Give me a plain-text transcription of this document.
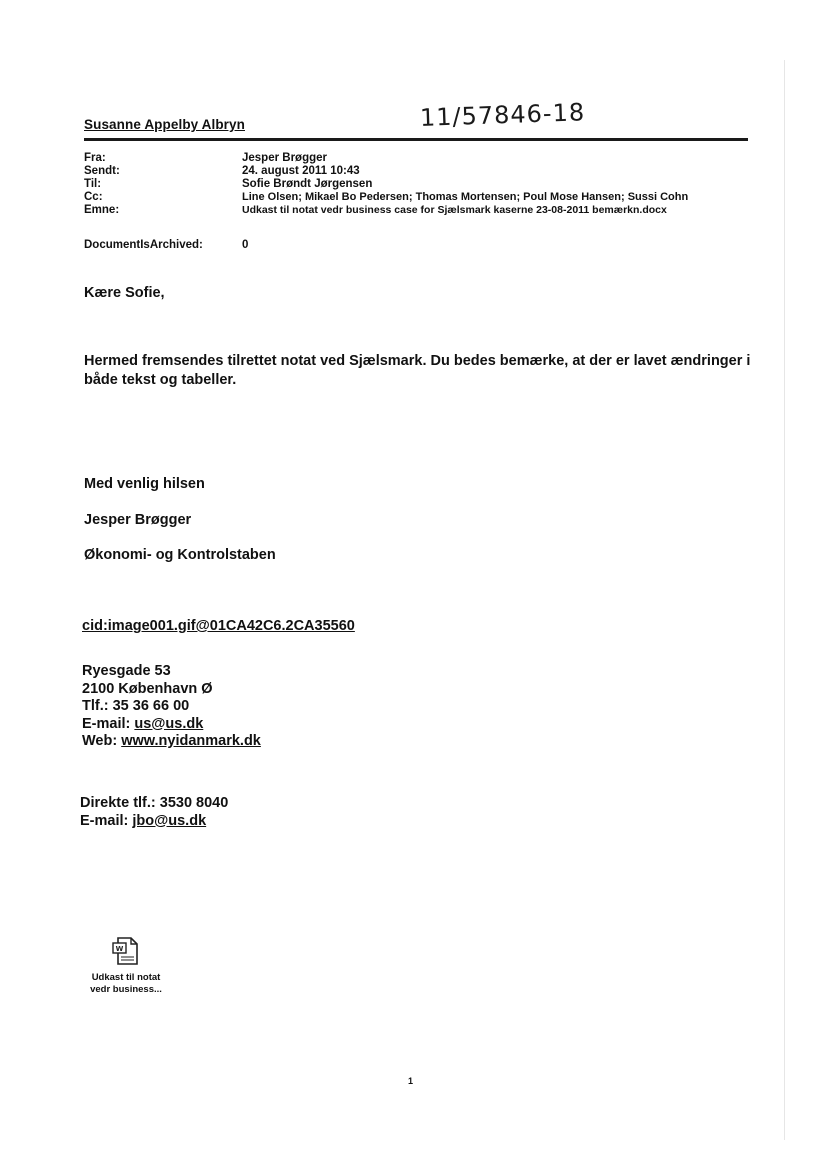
Susanne Appelby Albryn	11/57846-18
Fra:	Jesper Brøgger
Sendt:	24. august 2011 10:43
Til:	Sofie Brøndt Jørgensen
Cc:	Line Olsen; Mikael Bo Pedersen; Thomas Mortensen; Poul Mose Hansen; Sussi Cohn
Emne:	Udkast til notat vedr business case for Sjælsmark kaserne 23-08-2011 bemærkn.docx
DocumentIsArchived:	0
Kære Sofie,
Hermed fremsendes tilrettet notat ved Sjælsmark. Du bedes bemærke, at der er lavet ændringer i
både tekst og tabeller.
Med venlig hilsen
Jesper Brøgger
Økonomi- og Kontrolstaben
cid:image001.gif@01CA42C6.2CA35560
Ryesgade 53
2100 København Ø
Tlf.: 35 36 66 00
E-mail: us@us.dk
Web: www.nyidanmark.dk
Direkte tlf.: 3530 8040
E-mail: jbo@us.dk
W
Udkast til notat
vedr business...
1
